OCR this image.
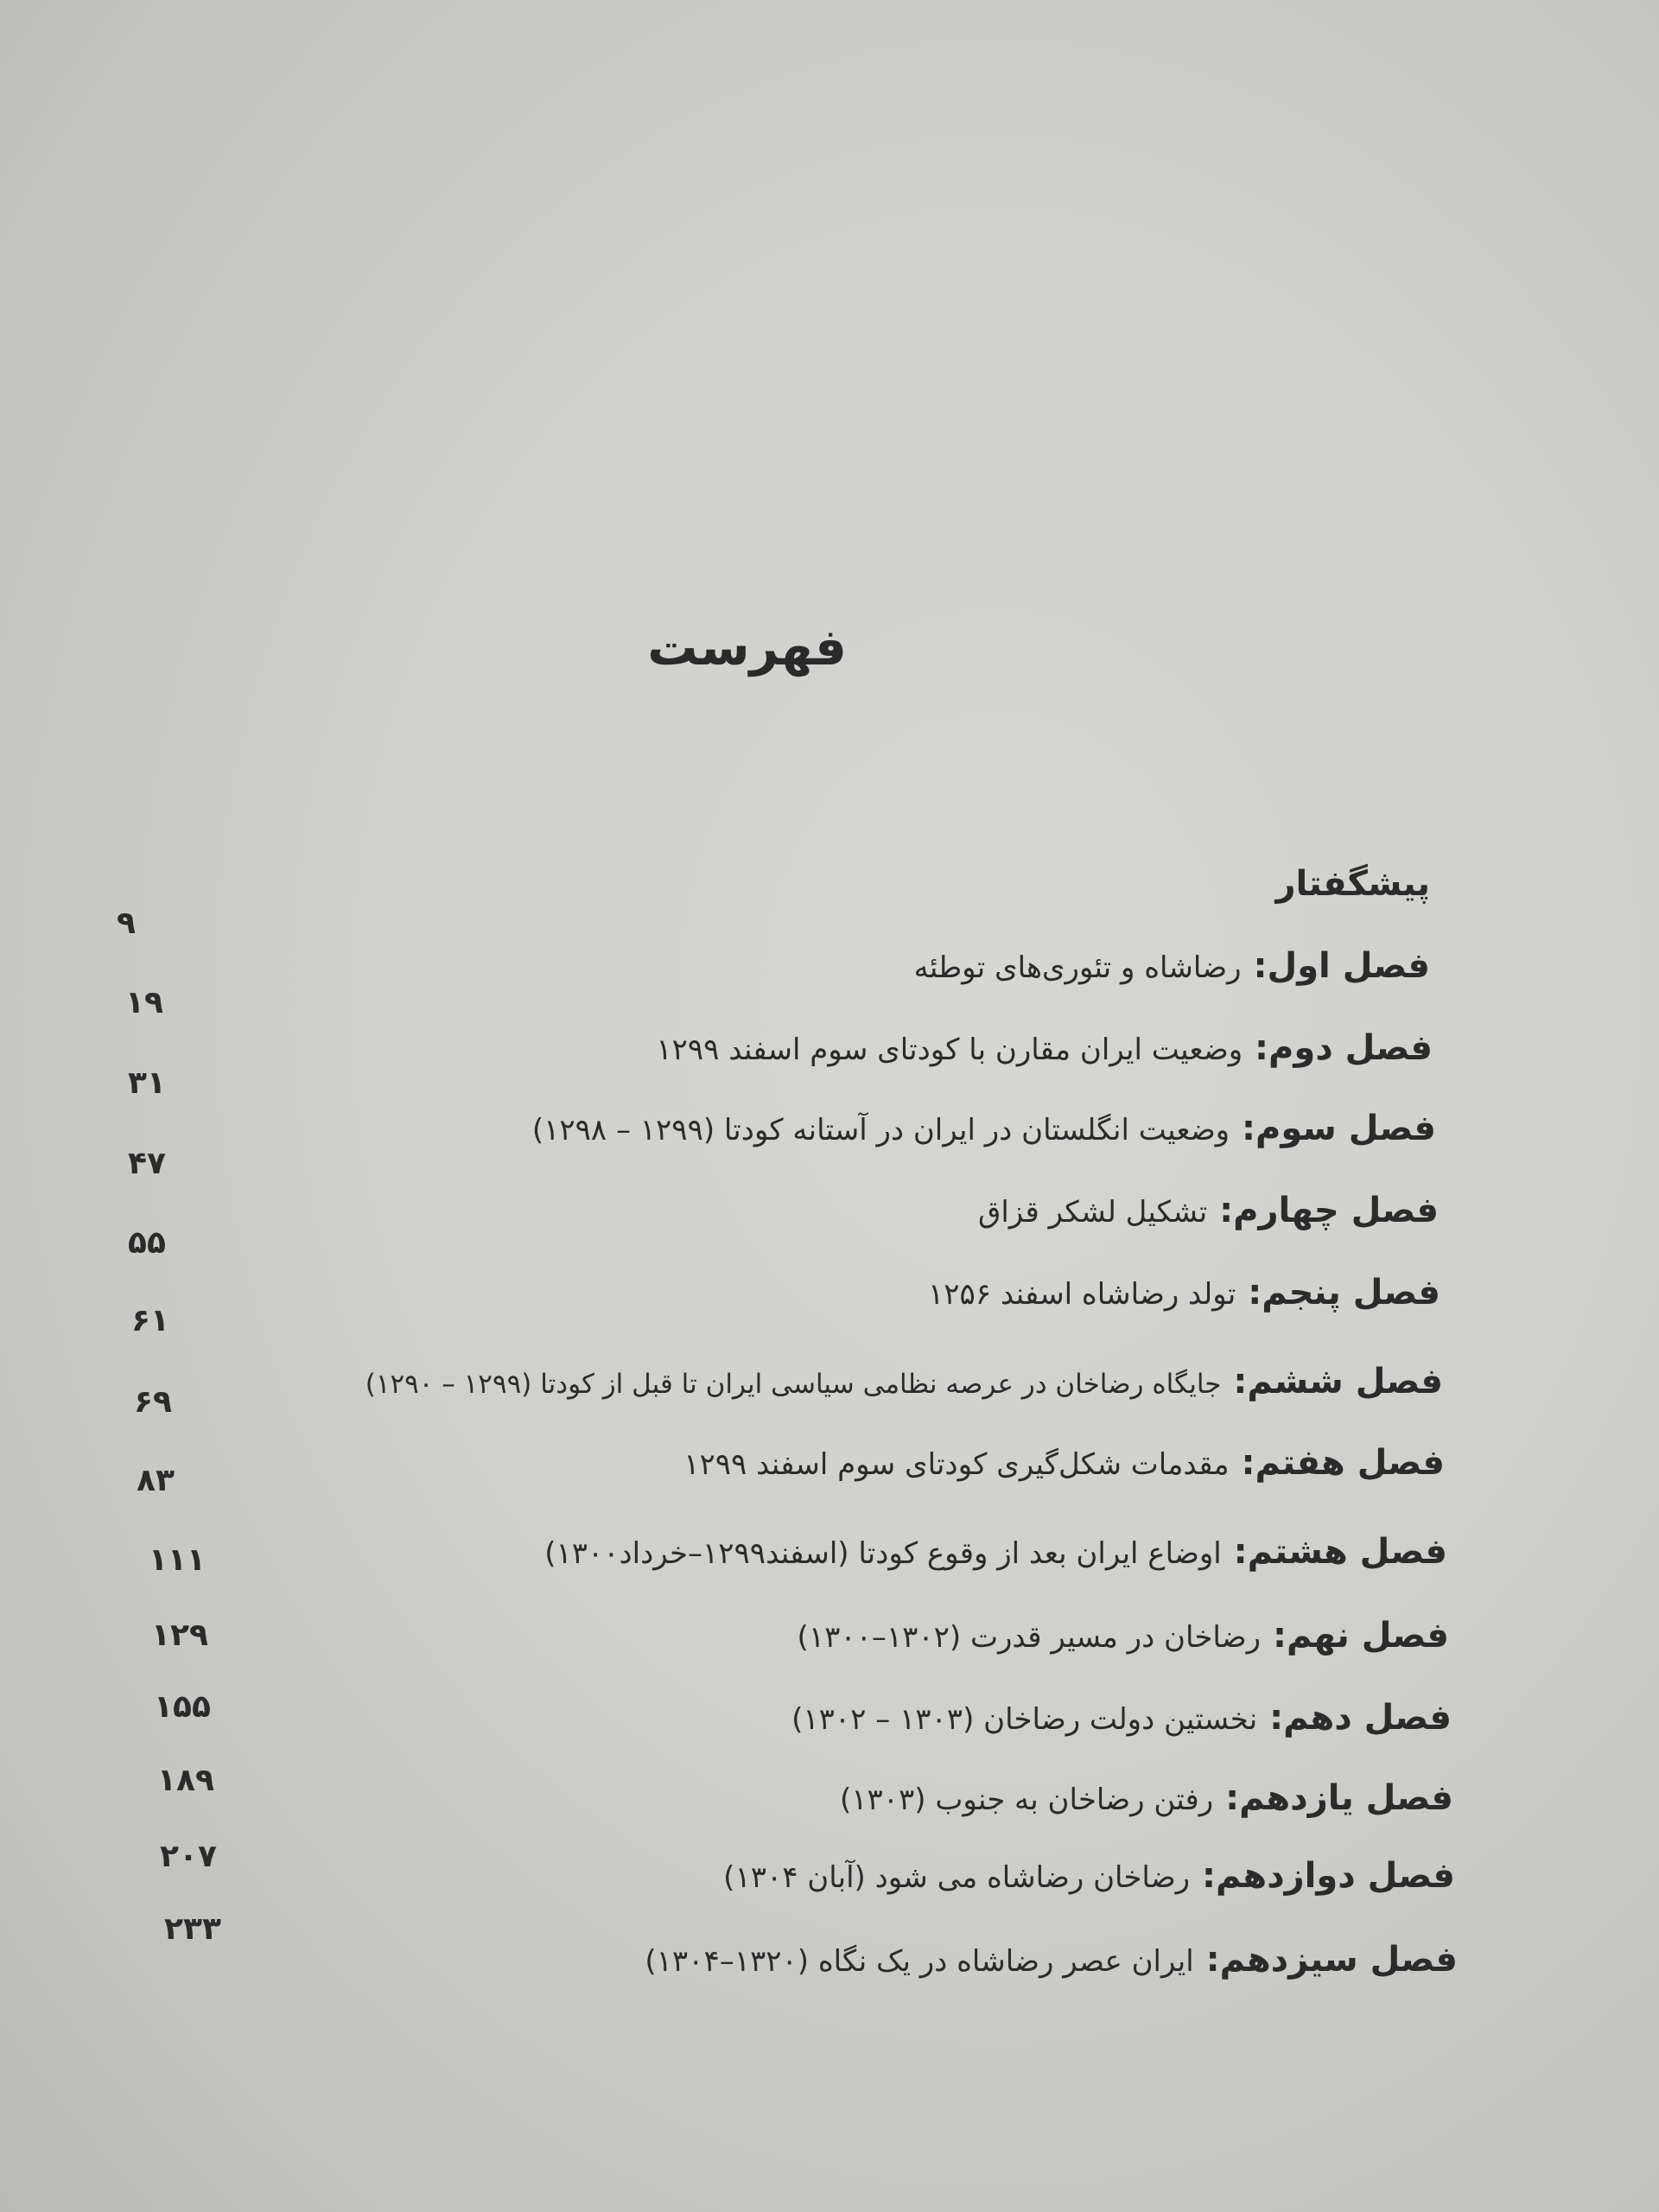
فهرست
پیشگفتار
۹
فصل اول: رضاشاه و تئوری‌های توطئه
۱۹
فصل دوم: وضعیت ایران مقارن با کودتای سوم اسفند ۱۲۹۹
۳۱
فصل سوم: وضعیت انگلستان در ایران در آستانه کودتا (۱۲۹۹ – ۱۲۹۸)
۴۷
فصل چهارم: تشکیل لشکر قزاق
۵۵
فصل پنجم: تولد رضاشاه اسفند ۱۲۵۶
۶۱
فصل ششم: جایگاه رضاخان در عرصه نظامی سیاسی ایران تا قبل از کودتا (۱۲۹۹ – ۱۲۹۰)
۶۹
فصل هفتم: مقدمات شکل‌گیری کودتای سوم اسفند ۱۲۹۹
۸۳
فصل هشتم: اوضاع ایران بعد از وقوع کودتا (اسفند۱۲۹۹–خرداد۱۳۰۰)
۱۱۱
فصل نهم: رضاخان در مسیر قدرت (۱۳۰۲–۱۳۰۰)
۱۲۹
فصل دهم: نخستین دولت رضاخان (۱۳۰۳ – ۱۳۰۲)
۱۵۵
فصل یازدهم: رفتن رضاخان به جنوب (۱۳۰۳)
۱۸۹
فصل دوازدهم: رضاخان رضاشاه می شود (آبان ۱۳۰۴)
۲۰۷
فصل سیزدهم: ایران عصر رضاشاه در یک نگاه (۱۳۲۰–۱۳۰۴)
۲۳۳
